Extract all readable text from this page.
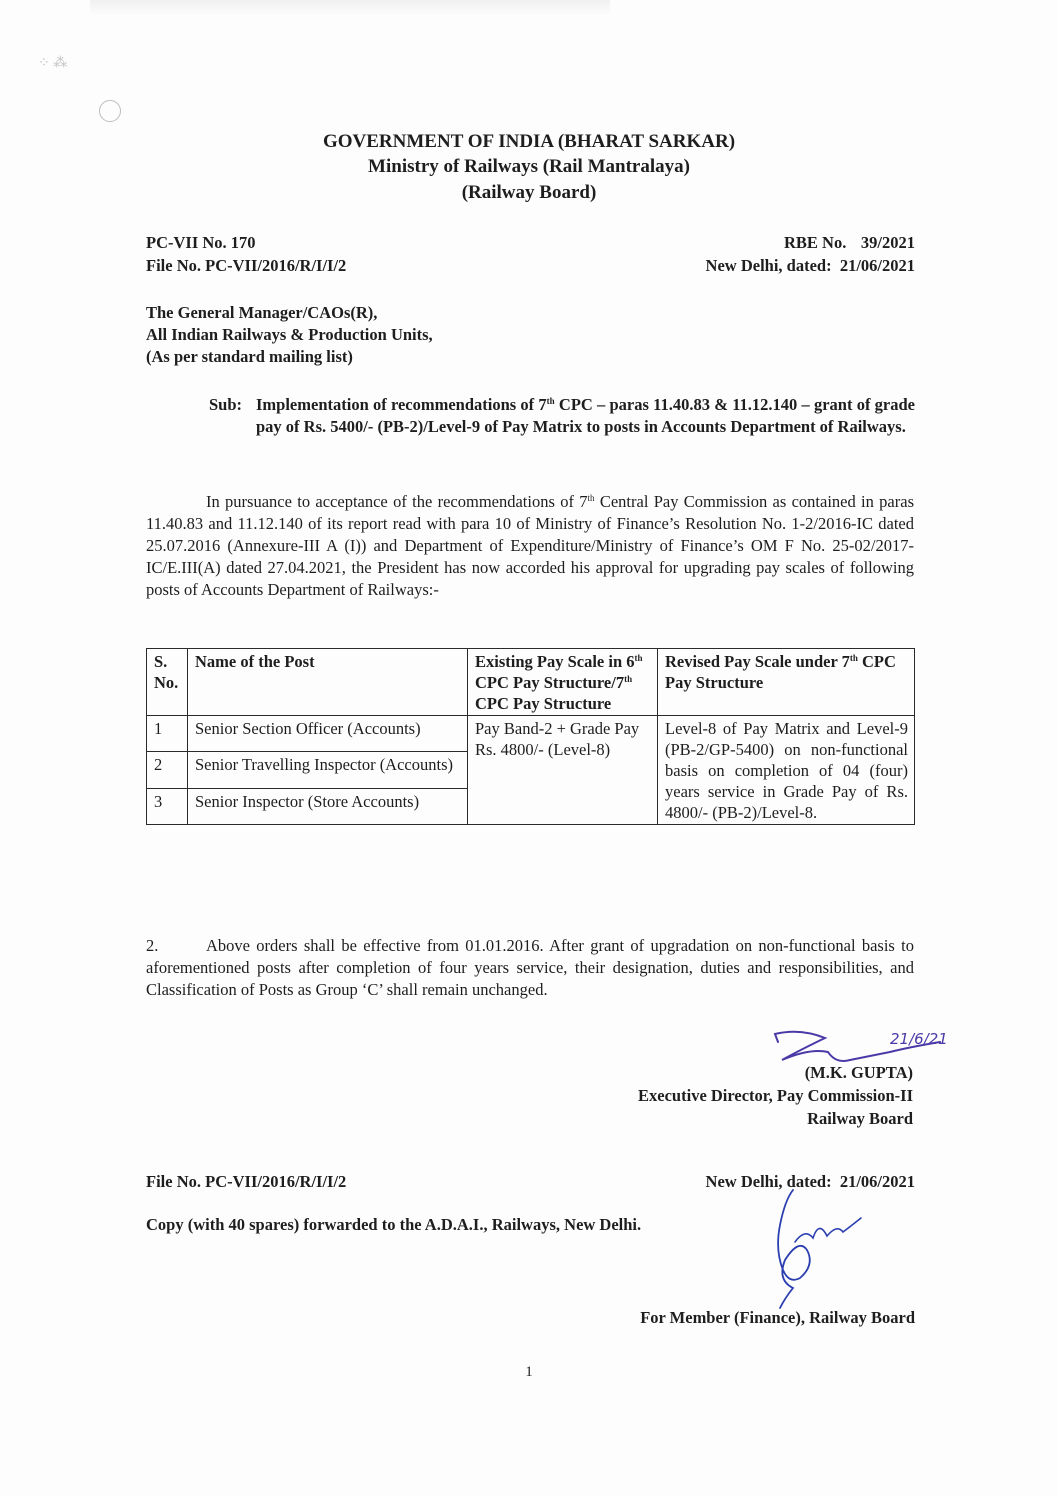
⁘ ⁂
GOVERNMENT OF INDIA (BHARAT SARKAR)
Ministry of Railways (Rail Mantralaya)
(Railway Board)
PC-VII No. 170
File No. PC-VII/2016/R/I/I/2
RBE No. 39/2021
New Delhi, dated:  21/06/2021
The General Manager/CAOs(R),
All Indian Railways & Production Units,
(As per standard mailing list)
Sub: Implementation of recommendations of 7th CPC – paras 11.40.83 & 11.12.140 – grant of grade pay of Rs. 5400/- (PB-2)/Level-9 of Pay Matrix to posts in Accounts Department of Railways.
In pursuance to acceptance of the recommendations of 7th Central Pay Commission as contained in paras 11.40.83 and 11.12.140 of its report read with para 10 of Ministry of Finance’s Resolution No. 1-2/2016-IC dated 25.07.2016 (Annexure-III A (I)) and Department of Expenditure/Ministry of Finance’s OM F No. 25-02/2017-IC/E.III(A) dated 27.04.2021, the President has now accorded his approval for upgrading pay scales of following posts of Accounts Department of Railways:-
S. No.	Name of the Post	Existing Pay Scale in 6th CPC Pay Structure/7th CPC Pay Structure	Revised Pay Scale under 7th CPC Pay Structure
1	Senior Section Officer (Accounts)	Pay Band-2 + Grade Pay Rs. 4800/- (Level-8)	Level-8 of Pay Matrix and Level-9 (PB-2/GP-5400) on non-functional basis on completion of 04 (four) years service in Grade Pay of Rs. 4800/- (PB-2)/Level-8.
2	Senior Travelling Inspector (Accounts)		
3	Senior Inspector (Store Accounts)		
2.	Above orders shall be effective from 01.01.2016. After grant of upgradation on non-functional basis to aforementioned posts after completion of four years service, their designation, duties and responsibilities, and Classification of Posts as Group ‘C’ shall remain unchanged.
21/6/21
(M.K. GUPTA)
Executive Director, Pay Commission-II
Railway Board
File No. PC-VII/2016/R/I/I/2	New Delhi, dated:  21/06/2021
Copy (with 40 spares) forwarded to the A.D.A.I., Railways, New Delhi.
For Member (Finance), Railway Board
1
